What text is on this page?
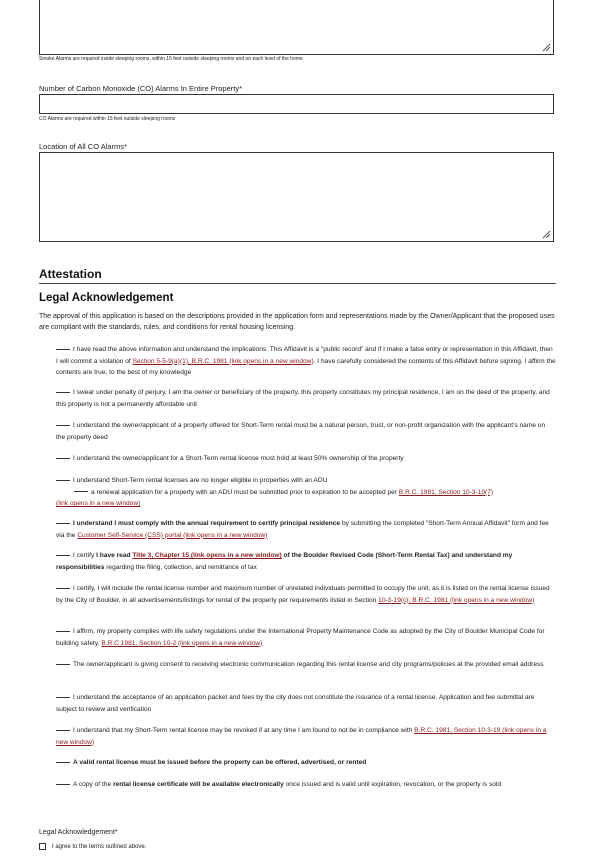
Smoke Alarms are required inside sleeping rooms, within 15 feet outside sleeping rooms and on each level of the home
Number of Carbon Monoxide (CO) Alarms In Entire Property*
CO Alarms are required within 15 feet outside sleeping rooms
Location of All CO Alarms*
Attestation
Legal Acknowledgement
The approval of this application is based on the descriptions provided in the application form and representations made by the Owner/Applicant that the proposed uses are compliant with the standards, rules, and conditions for rental housing licensing.
I have read the above information and understand the implications. This Affidavit is a "public record" and if I make a false entry or representation in this Affidavit, then I will commit a violation of Section 5-5-9(a)(1), B.R.C. 1981 (link opens in a new window). I have carefully considered the contents of this Affidavit before signing. I affirm the contents are true, to the best of my knowledge
I swear under penalty of perjury, I am the owner or beneficiary of the property, this property constitutes my principal residence, I am on the deed of the property, and this property is not a permanently affordable unit
I understand the owner/applicant of a property offered for Short-Term rental must be a natural person, trust, or non-profit organization with the applicant's name on the property deed
I understand the owner/applicant for a Short-Term rental license must hold at least 50% ownership of the property
I understand Short-Term rental licenses are no longer eligible in properties with an ADU
a renewal application for a property with an ADU must be submitted prior to expiration to be accepted per B.R.C. 1981, Section 10-3-19(7)
(link opens in a new window)
I understand I must comply with the annual requirement to certify principal residence by submitting the completed "Short-Term Annual Affidavit" form and fee via the Customer Self-Service (CSS) portal (link opens in a new window)
I certify I have read Title 3, Chapter 15 (link opens in a new window) of the Boulder Revised Code (Short-Term Rental Tax) and understand my responsibilities regarding the filing, collection, and remittance of tax
I certify, I will include the rental license number and maximum number of unrelated individuals permitted to occupy the unit, as it is listed on the rental license issued by the City of Boulder, in all advertisements/listings for rental of the property per requirements listed in Section 10-3-19(c), B.R.C. 1981 (link opens in a new window)
I affirm, my property complies with life safety regulations under the International Property Maintenance Code as adopted by the City of Boulder Municipal Code for building safety. B.R.C 1981, Section 10-2 (link opens in a new window)
The owner/applicant is giving consent to receiving electronic communication regarding this rental license and city programs/policies at the provided email address
I understand the acceptance of an application packet and fees by the city does not constitute the issuance of a rental license. Application and fee submittal are subject to review and verification
I understand that my Short-Term rental license may be revoked if at any time I am found to not be in compliance with B.R.C. 1981, Section 10-3-19 (link opens in a new window)
A valid rental license must be issued before the property can be offered, advertised, or rented
A copy of the rental license certificate will be available electronically once issued and is valid until expiration, revocation, or the property is sold
Legal Acknowledgement*
I agree to the terms outlined above.
